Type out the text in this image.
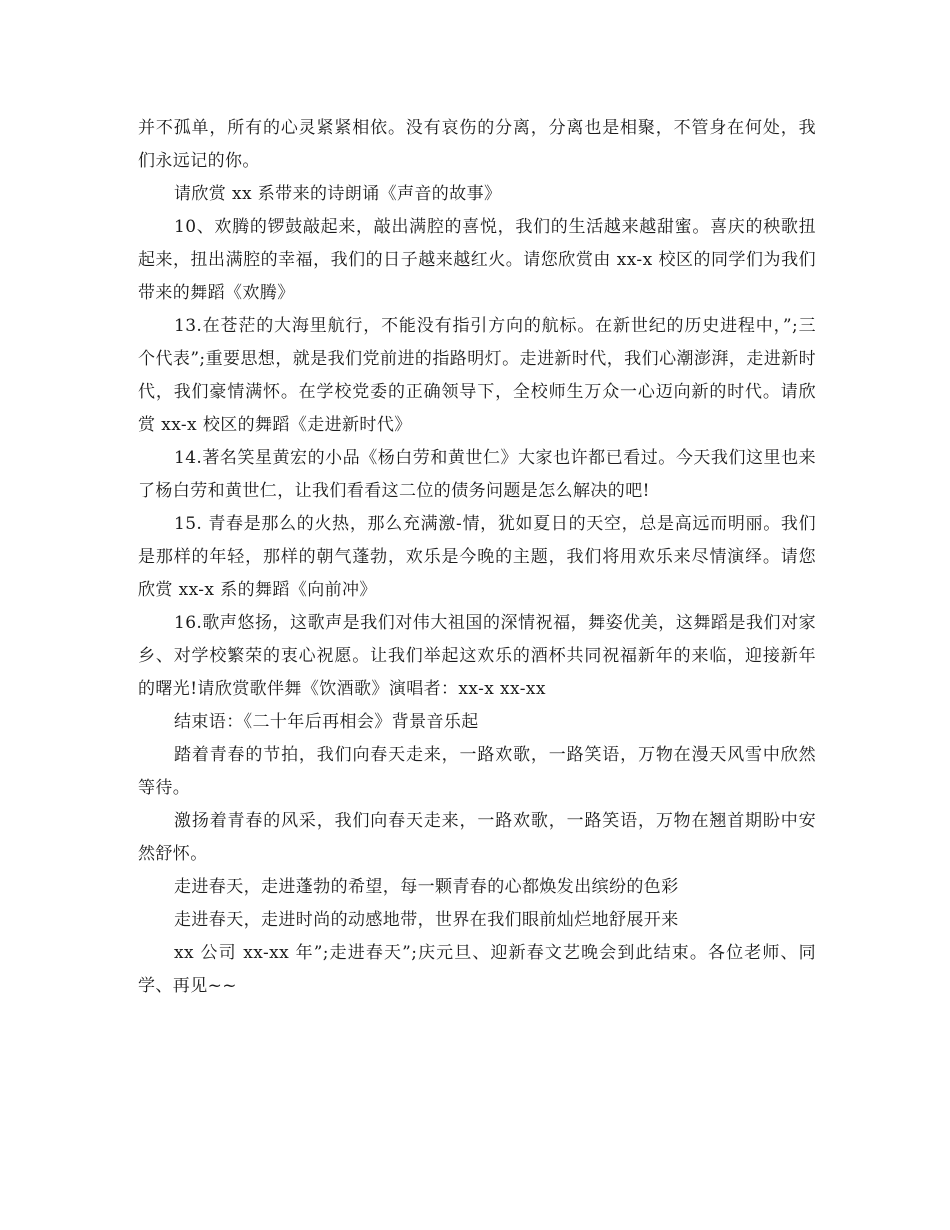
并不孤单，所有的心灵紧紧相依。没有哀伤的分离，分离也是相聚，不管身在何处，我们永远记的你。

请欣赏 xx 系带来的诗朗诵《声音的故事》

10、欢腾的锣鼓敲起来，敲出满腔的喜悦，我们的生活越来越甜蜜。喜庆的秧歌扭起来，扭出满腔的幸福，我们的日子越来越红火。请您欣赏由 xx-x 校区的同学们为我们带来的舞蹈《欢腾》

13.在苍茫的大海里航行，不能没有指引方向的航标。在新世纪的历史进程中，”;三个代表”;重要思想，就是我们党前进的指路明灯。走进新时代，我们心潮澎湃，走进新时代，我们豪情满怀。在学校党委的正确领导下，全校师生万众一心迈向新的时代。请欣赏 xx-x 校区的舞蹈《走进新时代》

14.著名笑星黄宏的小品《杨白劳和黄世仁》大家也许都已看过。今天我们这里也来了杨白劳和黄世仁，让我们看看这二位的债务问题是怎么解决的吧!

15. 青春是那么的火热，那么充满激-情，犹如夏日的天空，总是高远而明丽。我们是那样的年轻，那样的朝气蓬勃，欢乐是今晚的主题，我们将用欢乐来尽情演绎。请您欣赏 xx-x 系的舞蹈《向前冲》

16.歌声悠扬，这歌声是我们对伟大祖国的深情祝福，舞姿优美，这舞蹈是我们对家乡、对学校繁荣的衷心祝愿。让我们举起这欢乐的酒杯共同祝福新年的来临，迎接新年的曙光!请欣赏歌伴舞《饮酒歌》演唱者：xx-x xx-xx

结束语：《二十年后再相会》背景音乐起

踏着青春的节拍，我们向春天走来，一路欢歌，一路笑语，万物在漫天风雪中欣然等待。

激扬着青春的风采，我们向春天走来，一路欢歌，一路笑语，万物在翘首期盼中安然舒怀。

走进春天，走进蓬勃的希望，每一颗青春的心都焕发出缤纷的色彩

走进春天，走进时尚的动感地带，世界在我们眼前灿烂地舒展开来

xx 公司 xx-xx 年”;走进春天”;庆元旦、迎新春文艺晚会到此结束。各位老师、同学、再见~~
